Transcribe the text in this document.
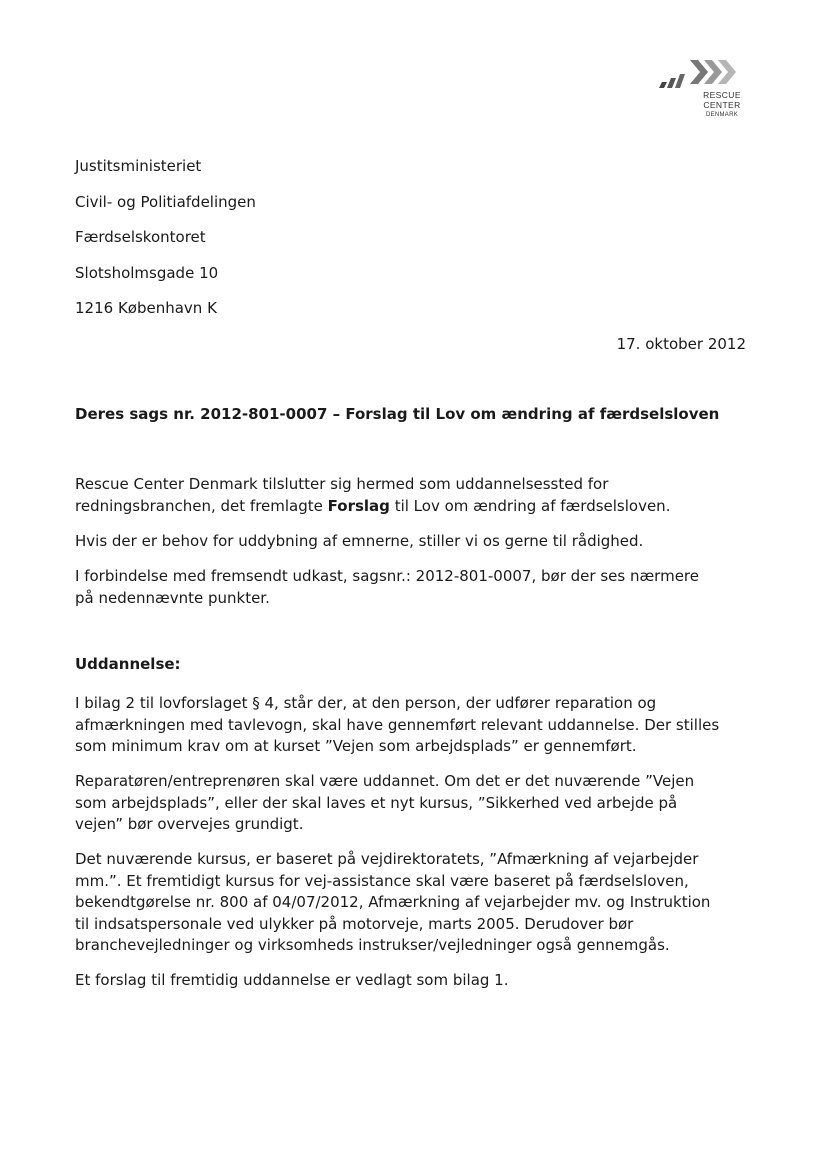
RESCUE
CENTER
DENMARK
Justitsministeriet
Civil- og Politiafdelingen
Færdselskontoret
Slotsholmsgade 10
1216 København K
17. oktober 2012
Deres sags nr. 2012-801-0007 – Forslag til Lov om ændring af færdselsloven

Rescue Center Denmark tilslutter sig hermed som uddannelsessted for
redningsbranchen, det fremlagte Forslag til Lov om ændring af færdselsloven.

Hvis der er behov for uddybning af emnerne, stiller vi os gerne til rådighed.

I forbindelse med fremsendt udkast, sagsnr.: 2012-801-0007, bør der ses nærmere
på nedennævnte punkter.

Uddannelse:

I bilag 2 til lovforslaget § 4, står der, at den person, der udfører reparation og
afmærkningen med tavlevogn, skal have gennemført relevant uddannelse. Der stilles
som minimum krav om at kurset ”Vejen som arbejdsplads” er gennemført.

Reparatøren/entreprenøren skal være uddannet. Om det er det nuværende ”Vejen
som arbejdsplads”, eller der skal laves et nyt kursus, ”Sikkerhed ved arbejde på
vejen” bør overvejes grundigt.

Det nuværende kursus, er baseret på vejdirektoratets, ”Afmærkning af vejarbejder
mm.”. Et fremtidigt kursus for vej-assistance skal være baseret på færdselsloven,
bekendtgørelse nr. 800 af 04/07/2012, Afmærkning af vejarbejder mv. og Instruktion
til indsatspersonale ved ulykker på motorveje, marts 2005. Derudover bør
branchevejledninger og virksomheds instrukser/vejledninger også gennemgås.

Et forslag til fremtidig uddannelse er vedlagt som bilag 1.
